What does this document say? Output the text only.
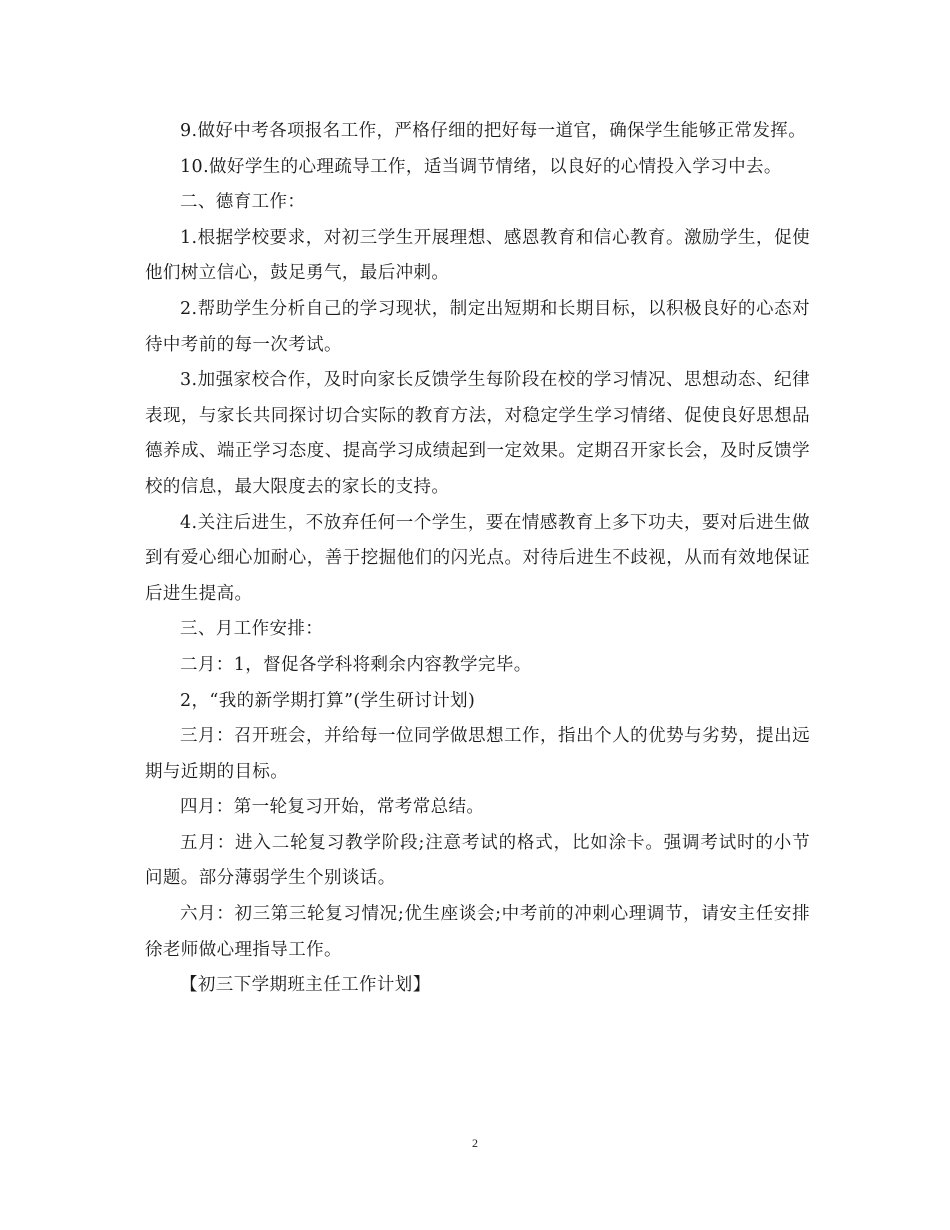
9.做好中考各项报名工作，严格仔细的把好每一道官，确保学生能够正常发挥。

10.做好学生的心理疏导工作，适当调节情绪，以良好的心情投入学习中去。

二、德育工作：

1.根据学校要求，对初三学生开展理想、感恩教育和信心教育。激励学生，促使他们树立信心，鼓足勇气，最后冲刺。

2.帮助学生分析自己的学习现状，制定出短期和长期目标，以积极良好的心态对待中考前的每一次考试。

3.加强家校合作，及时向家长反馈学生每阶段在校的学习情况、思想动态、纪律表现，与家长共同探讨切合实际的教育方法，对稳定学生学习情绪、促使良好思想品德养成、端正学习态度、提高学习成绩起到一定效果。定期召开家长会，及时反馈学校的信息，最大限度去的家长的支持。

4.关注后进生，不放弃任何一个学生，要在情感教育上多下功夫，要对后进生做到有爱心细心加耐心，善于挖掘他们的闪光点。对待后进生不歧视，从而有效地保证后进生提高。

三、月工作安排：

二月：1，督促各学科将剩余内容教学完毕。

2，“我的新学期打算”(学生研讨计划)

三月：召开班会，并给每一位同学做思想工作，指出个人的优势与劣势，提出远期与近期的目标。

四月：第一轮复习开始，常考常总结。

五月：进入二轮复习教学阶段;注意考试的格式，比如涂卡。强调考试时的小节问题。部分薄弱学生个别谈话。

六月：初三第三轮复习情况;优生座谈会;中考前的冲刺心理调节，请安主任安排徐老师做心理指导工作。

【初三下学期班主任工作计划】

2
